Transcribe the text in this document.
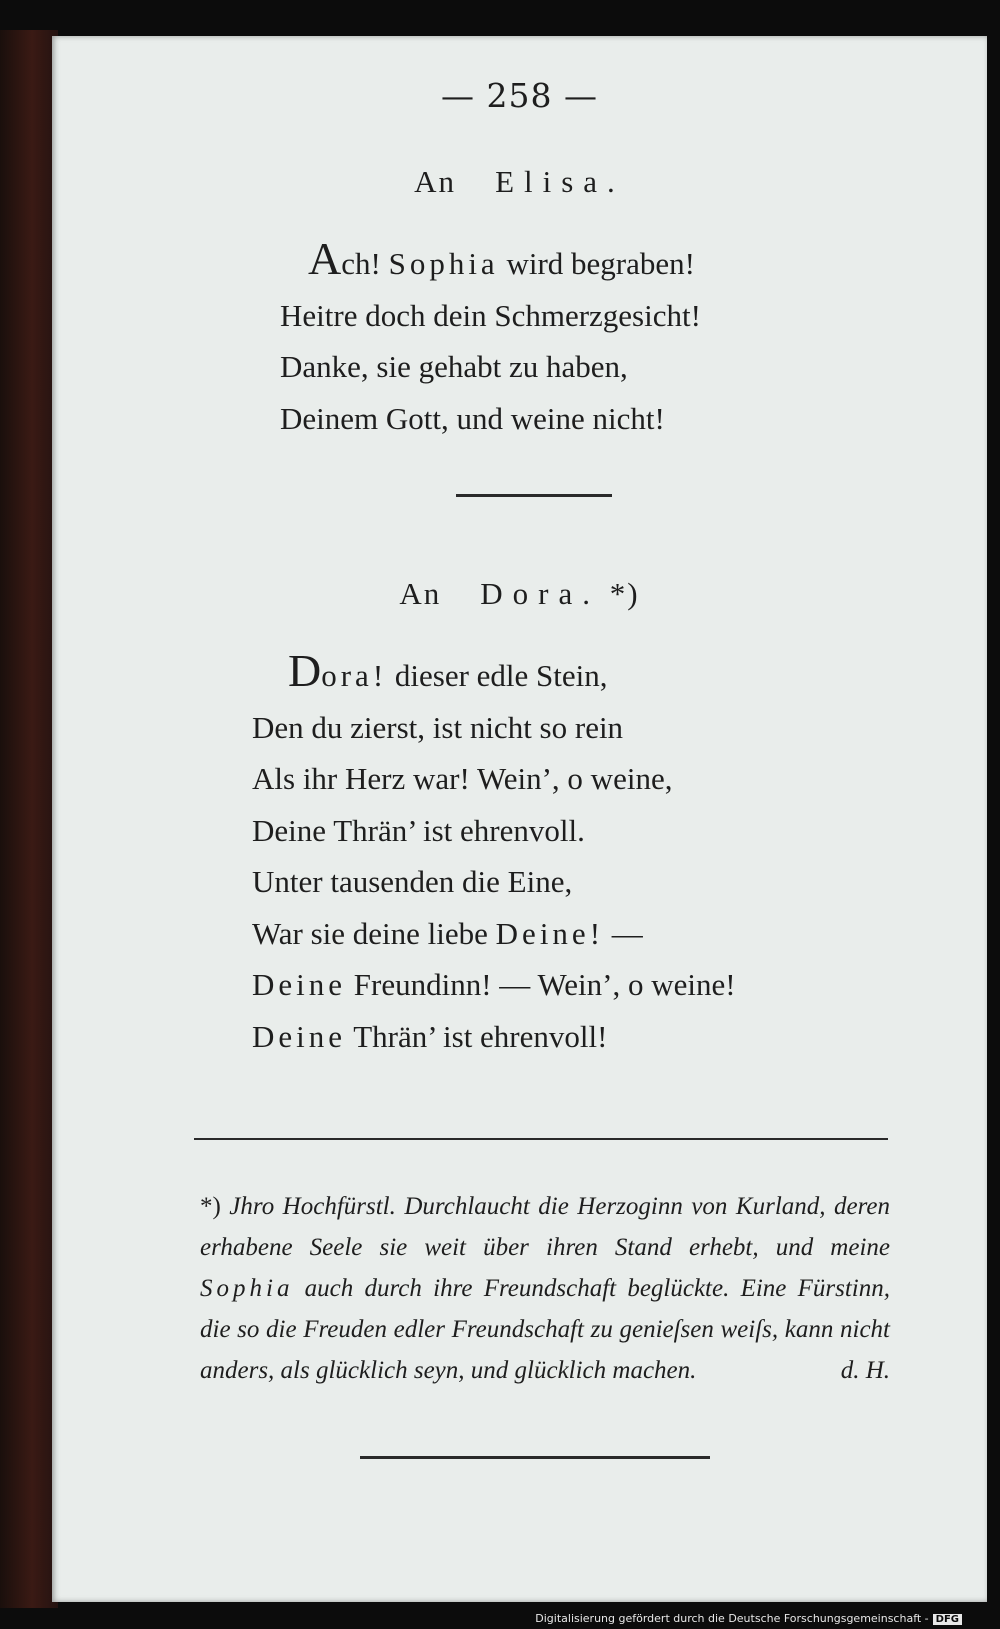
— 258 —
An Elisa.
Ach! Sophia wird begraben!
Heitre doch dein Schmerzgesicht!
Danke, sie gehabt zu haben,
Deinem Gott, und weine nicht!
An Dora. *)
Dora! dieser edle Stein,
Den du zierst, ist nicht so rein
Als ihr Herz war! Wein’, o weine,
Deine Thrän’ ist ehrenvoll.
Unter tausenden die Eine,
War sie deine liebe Deine! —
Deine Freundinn! — Wein’, o weine!
Deine Thrän’ ist ehrenvoll!
*) Jhro Hochfürstl. Durchlaucht die Herzoginn von Kurland, deren erhabene Seele sie weit über ihren Stand erhebt, und meine Sophia auch durch ihre Freundschaft beglückte. Eine Fürstinn, die so die Freuden edler Freundschaft zu genieſsen weiſs, kann nicht anders, als glücklich seyn, und glücklich machen.	d. H.
Digitalisierung gefördert durch die Deutsche Forschungsgemeinschaft - DFG
